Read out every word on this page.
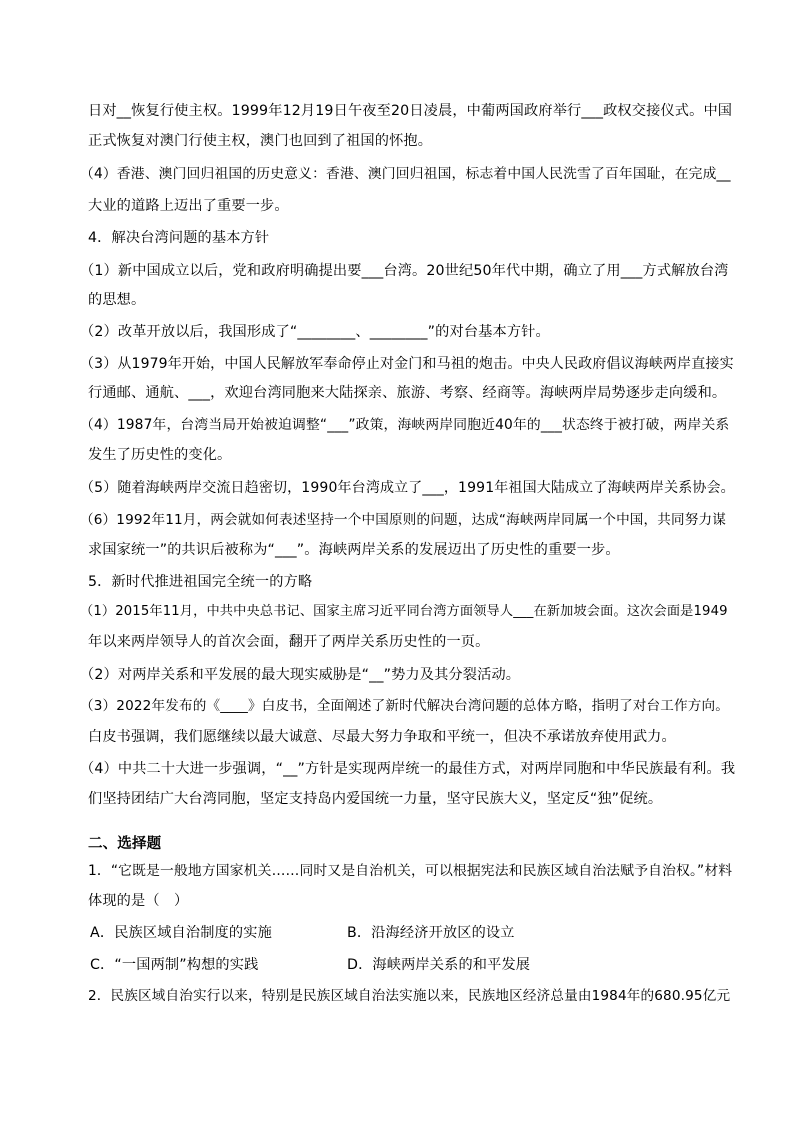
日对__恢复行使主权。1999年12月19日午夜至20日凌晨，中葡两国政府举行___政权交接仪式。中国
正式恢复对澳门行使主权，澳门也回到了祖国的怀抱。
（4）香港、澳门回归祖国的历史意义：香港、澳门回归祖国，标志着中国人民洗雪了百年国耻，在完成__
大业的道路上迈出了重要一步。
4．解决台湾问题的基本方针
（1）新中国成立以后，党和政府明确提出要___台湾。20世纪50年代中期，确立了用___方式解放台湾
的思想。
（2）改革开放以后，我国形成了“________、________”的对台基本方针。
（3）从1979年开始，中国人民解放军奉命停止对金门和马祖的炮击。中央人民政府倡议海峡两岸直接实
行通邮、通航、___，欢迎台湾同胞来大陆探亲、旅游、考察、经商等。海峡两岸局势逐步走向缓和。
（4）1987年，台湾当局开始被迫调整“___”政策，海峡两岸同胞近40年的___状态终于被打破，两岸关系
发生了历史性的变化。
（5）随着海峡两岸交流日趋密切，1990年台湾成立了___，1991年祖国大陆成立了海峡两岸关系协会。
（6）1992年11月，两会就如何表述坚持一个中国原则的问题，达成“海峡两岸同属一个中国，共同努力谋
求国家统一”的共识后被称为“___”。海峡两岸关系的发展迈出了历史性的重要一步。
5．新时代推进祖国完全统一的方略
（1）2015年11月，中共中央总书记、国家主席习近平同台湾方面领导人___在新加坡会面。这次会面是1949
年以来两岸领导人的首次会面，翻开了两岸关系历史性的一页。
（2）对两岸关系和平发展的最大现实威胁是“__”势力及其分裂活动。
（3）2022年发布的《____》白皮书，全面阐述了新时代解决台湾问题的总体方略，指明了对台工作方向。
白皮书强调，我们愿继续以最大诚意、尽最大努力争取和平统一，但决不承诺放弃使用武力。
（4）中共二十大进一步强调，“__”方针是实现两岸统一的最佳方式，对两岸同胞和中华民族最有利。我
们坚持团结广大台湾同胞，坚定支持岛内爱国统一力量，坚守民族大义，坚定反“独”促统。
二、选择题
1．“它既是一般地方国家机关……同时又是自治机关，可以根据宪法和民族区域自治法赋予自治权。”材料
体现的是（　）
A．民族区域自治制度的实施	B．沿海经济开放区的设立
C．“一国两制”构想的实践	D．海峡两岸关系的和平发展
2．民族区域自治实行以来，特别是民族区域自治法实施以来，民族地区经济总量由1984年的680.95亿元
